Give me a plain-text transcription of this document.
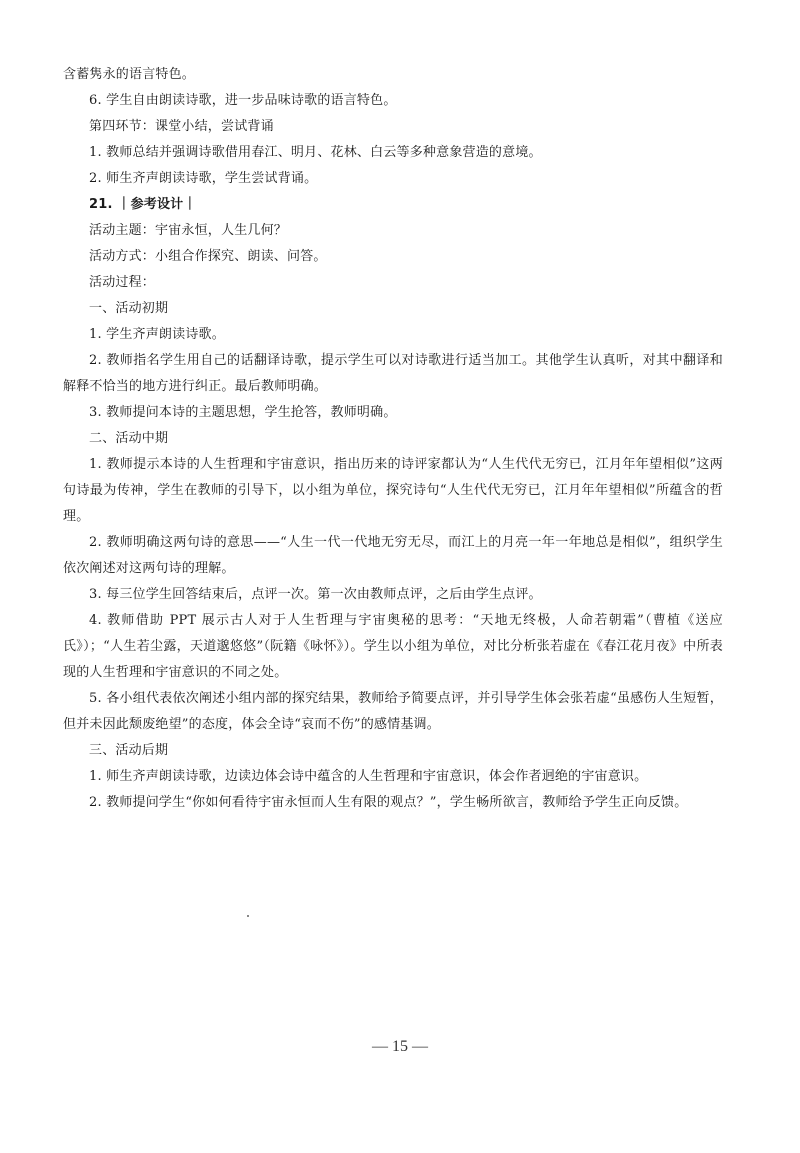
含蓄隽永的语言特色。
6. 学生自由朗读诗歌，进一步品味诗歌的语言特色。
第四环节：课堂小结，尝试背诵
1. 教师总结并强调诗歌借用春江、明月、花林、白云等多种意象营造的意境。
2. 师生齐声朗读诗歌，学生尝试背诵。
21. ｜参考设计｜
活动主题：宇宙永恒，人生几何？
活动方式：小组合作探究、朗读、问答。
活动过程：
一、活动初期
1. 学生齐声朗读诗歌。
2. 教师指名学生用自己的话翻译诗歌，提示学生可以对诗歌进行适当加工。其他学生认真听，对其中翻译和解释不恰当的地方进行纠正。最后教师明确。
3. 教师提问本诗的主题思想，学生抢答，教师明确。
二、活动中期
1. 教师提示本诗的人生哲理和宇宙意识，指出历来的诗评家都认为“人生代代无穷已，江月年年望相似”这两句诗最为传神，学生在教师的引导下，以小组为单位，探究诗句“人生代代无穷已，江月年年望相似”所蕴含的哲理。
2. 教师明确这两句诗的意思——“人生一代一代地无穷无尽，而江上的月亮一年一年地总是相似”，组织学生依次阐述对这两句诗的理解。
3. 每三位学生回答结束后，点评一次。第一次由教师点评，之后由学生点评。
4. 教师借助 PPT 展示古人对于人生哲理与宇宙奥秘的思考：“天地无终极，人命若朝霜”（曹植《送应氏》）；“人生若尘露，天道邈悠悠”（阮籍《咏怀》）。学生以小组为单位，对比分析张若虚在《春江花月夜》中所表现的人生哲理和宇宙意识的不同之处。
5. 各小组代表依次阐述小组内部的探究结果，教师给予简要点评，并引导学生体会张若虚“虽感伤人生短暂，但并未因此颓废绝望”的态度，体会全诗“哀而不伤”的感情基调。
三、活动后期
1. 师生齐声朗读诗歌，边读边体会诗中蕴含的人生哲理和宇宙意识，体会作者迥绝的宇宙意识。
2. 教师提问学生“你如何看待宇宙永恒而人生有限的观点？”，学生畅所欲言，教师给予学生正向反馈。
— 15 —
